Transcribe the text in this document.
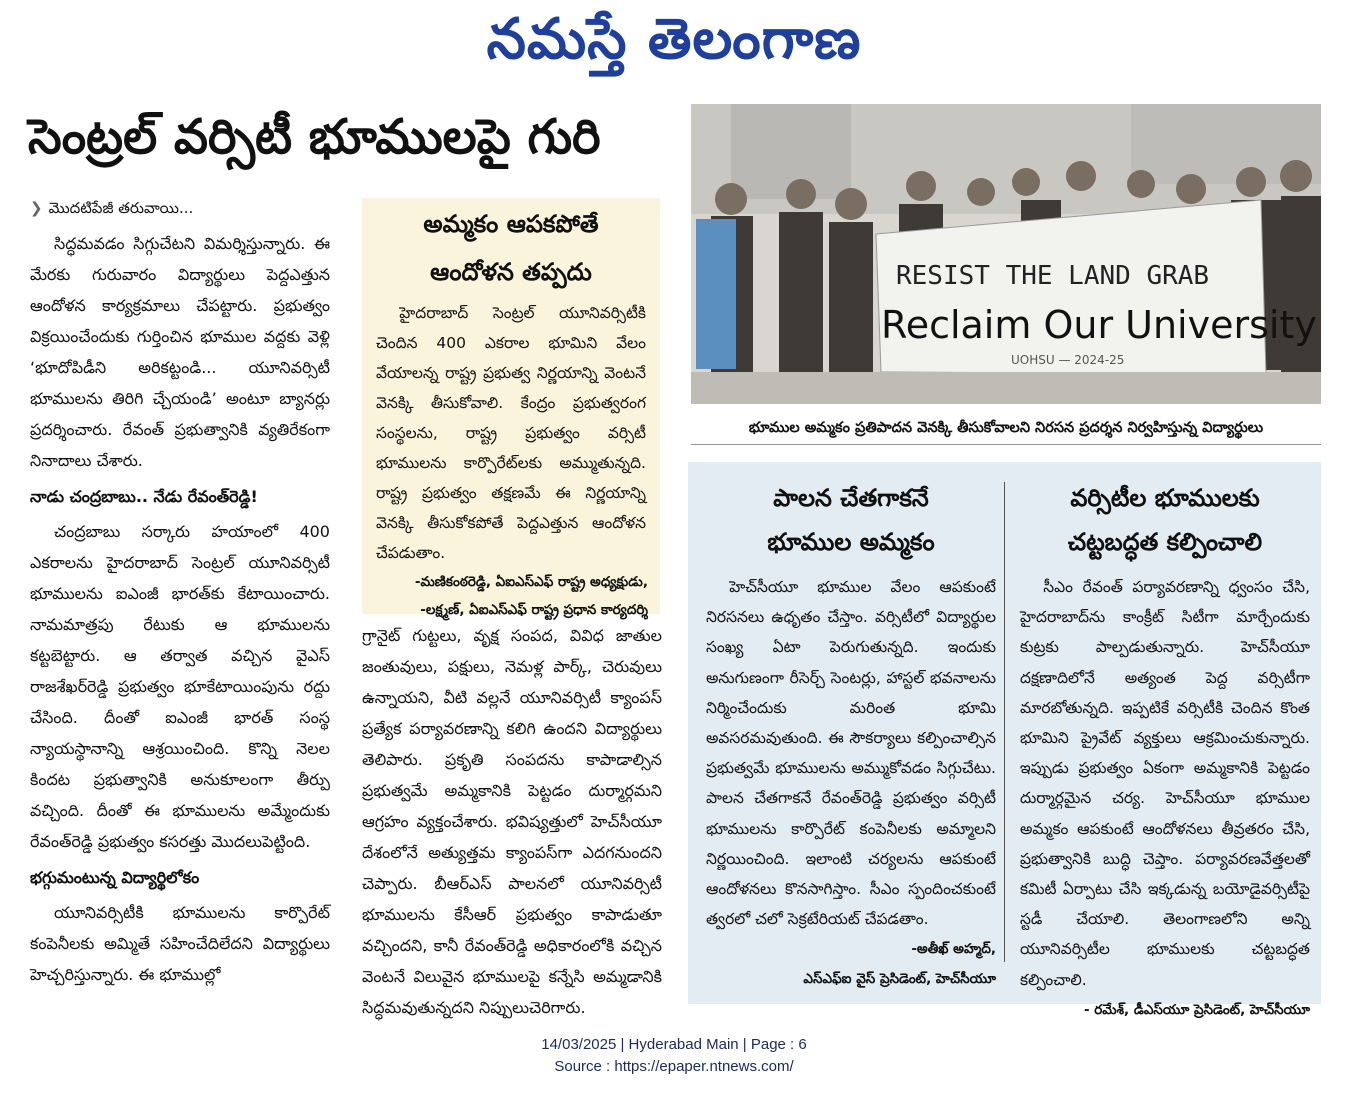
నమస్తే తెలంగాణ
సెంట్రల్ వర్సిటీ భూములపై గురి
❯ మొదటిపేజీ తరువాయి...

సిద్ధమవడం సిగ్గుచేటని విమర్శిస్తున్నారు. ఈ మేరకు గురువారం విద్యార్థులు పెద్దఎత్తున ఆందోళన కార్యక్రమాలు చేపట్టారు. ప్రభుత్వం విక్రయించేందుకు గుర్తించిన భూముల వద్దకు వెళ్లి ‘భూదోపిడీని అరికట్టండి... యూనివర్సిటీ భూములను తిరిగి చ్చేయండి’ అంటూ బ్యానర్లు ప్రదర్శించారు. రేవంత్ ప్రభుత్వానికి వ్యతిరేకంగా నినాదాలు చేశారు.

నాడు చంద్రబాబు.. నేడు రేవంత్‌రెడ్డి!

చంద్రబాబు సర్కారు హయాంలో 400 ఎకరాలను హైదరాబాద్ సెంట్రల్ యూనివర్సిటీ భూములను ఐఎంజీ భారత్‌కు కేటాయించారు. నామమాత్రపు రేటుకు ఆ భూములను కట్టబెట్టారు. ఆ తర్వాత వచ్చిన వైఎస్ రాజశేఖర్‌రెడ్డి ప్రభుత్వం భూకేటాయింపును రద్దు చేసింది. దీంతో ఐఎంజీ భారత్ సంస్థ న్యాయస్థానాన్ని ఆశ్రయించింది. కొన్ని నెలల కిందట ప్రభుత్వానికి అనుకూలంగా తీర్పు వచ్చింది. దీంతో ఈ భూములను అమ్మేందుకు రేవంత్‌రెడ్డి ప్రభుత్వం కసరత్తు మొదలుపెట్టింది.

భగ్గుమంటున్న విద్యార్థిలోకం

యూనివర్సిటీకి భూములను కార్పొరేట్ కంపెనీలకు అమ్మితే సహించేదిలేదని విద్యార్థులు హెచ్చరిస్తున్నారు. ఈ భూముల్లో

అమ్మకం ఆపకపోతే
ఆందోళన తప్పదు
హైదరాబాద్ సెంట్రల్ యూనివర్సిటీకి చెందిన 400 ఎకరాల భూమిని వేలం వేయాలన్న రాష్ట్ర ప్రభుత్వ నిర్ణయాన్ని వెంటనే వెనక్కి తీసుకోవాలి. కేంద్రం ప్రభుత్వరంగ సంస్థలను, రాష్ట్ర ప్రభుత్వం వర్సిటీ భూములను కార్పొరేట్‌లకు అమ్ముతున్నది. రాష్ట్ర ప్రభుత్వం తక్షణమే ఈ నిర్ణయాన్ని వెనక్కి తీసుకోకపోతే పెద్దఎత్తున ఆందోళన చేపడుతాం.
-మణికంఠరెడ్డి, ఏఐఎస్‌ఎఫ్ రాష్ట్ర అధ్యక్షుడు,
-లక్ష్మణ్, ఏఐఎస్‌ఎఫ్ రాష్ట్ర ప్రధాన కార్యదర్శి

గ్రానైట్ గుట్టలు, వృక్ష సంపద, వివిధ జాతుల జంతువులు, పక్షులు, నెమళ్ల పార్క్, చెరువులు ఉన్నాయని, వీటి వల్లనే యూనివర్సిటీ క్యాంపస్ ప్రత్యేక పర్యావరణాన్ని కలిగి ఉందని విద్యార్థులు తెలిపారు. ప్రకృతి సంపదను కాపాడాల్సిన ప్రభుత్వమే అమ్మకానికి పెట్టడం దుర్మార్గమని ఆగ్రహం వ్యక్తంచేశారు. భవిష్యత్తులో హెచ్‌సీయూ దేశంలోనే అత్యుత్తమ క్యాంపస్‌గా ఎదగనుందని చెప్పారు. బీఆర్‌ఎస్ పాలనలో యూనివర్సిటీ భూములను కేసీఆర్ ప్రభుత్వం కాపాడుతూ వచ్చిందని, కానీ రేవంత్‌రెడ్డి అధికారంలోకి వచ్చిన వెంటనే విలువైన భూములపై కన్నేసి అమ్మడానికి సిద్ధమవుతున్నదని నిప్పులుచెరిగారు.

RESIST THE LAND GRAB
Reclaim Our University
UOHSU — 2024-25
భూముల అమ్మకం ప్రతిపాదన వెనక్కి తీసుకోవాలని నిరసన ప్రదర్శన నిర్వహిస్తున్న విద్యార్థులు
పాలన చేతగాకనే
భూముల అమ్మకం
హెచ్‌సీయూ భూముల వేలం ఆపకుంటే నిరసనలు ఉధృతం చేస్తాం. వర్సిటీలో విద్యార్థుల సంఖ్య ఏటా పెరుగుతున్నది. ఇందుకు అనుగుణంగా రీసెర్చ్ సెంటర్లు, హాస్టల్ భవనాలను నిర్మించేందుకు మరింత భూమి అవసరమవుతుంది. ఈ సౌకర్యాలు కల్పించాల్సిన ప్రభుత్వమే భూములను అమ్ముకోవడం సిగ్గుచేటు. పాలన చేతగాకనే రేవంత్‌రెడ్డి ప్రభుత్వం వర్సిటీ భూములను కార్పొరేట్ కంపెనీలకు అమ్మాలని నిర్ణయించింది. ఇలాంటి చర్యలను ఆపకుంటే ఆందోళనలు కొనసాగిస్తాం. సీఎం స్పందించకుంటే త్వరలో చలో సెక్రటేరియట్ చేపడతాం.
-అతీఖ్ అహ్మద్,
ఎస్‌ఎఫ్‌ఐ వైస్ ప్రెసిడెంట్, హెచ్‌సీయూ
వర్సిటీల భూములకు
చట్టబద్ధత కల్పించాలి
సీఎం రేవంత్ పర్యావరణాన్ని ధ్వంసం చేసి, హైదరాబాద్‌ను కాంక్రీట్ సిటీగా మార్చేందుకు కుట్రకు పాల్పడుతున్నారు. హెచ్‌సీయూ దక్షణాదిలోనే అత్యంత పెద్ద వర్సిటీగా మారబోతున్నది. ఇప్పటికే వర్సిటీకి చెందిన కొంత భూమిని ప్రైవేట్ వ్యక్తులు ఆక్రమించుకున్నారు. ఇప్పుడు ప్రభుత్వం ఏకంగా అమ్మకానికి పెట్టడం దుర్మార్గమైన చర్య. హెచ్‌సీయూ భూముల అమ్మకం ఆపకుంటే ఆందోళనలు తీవ్రతరం చేసి, ప్రభుత్వానికి బుద్ధి చెప్తాం. పర్యావరణవేత్తలతో కమిటీ ఏర్పాటు చేసి ఇక్కడున్న బయోడైవర్సిటీపై స్టడీ చేయాలి. తెలంగాణలోని అన్ని యూనివర్సిటీల భూములకు చట్టబద్ధత కల్పించాలి.
- రమేశ్, డీఎస్‌యూ ప్రెసిడెంట్, హెచ్‌సీయూ
14/03/2025 | Hyderabad Main | Page : 6
Source : https://epaper.ntnews.com/
